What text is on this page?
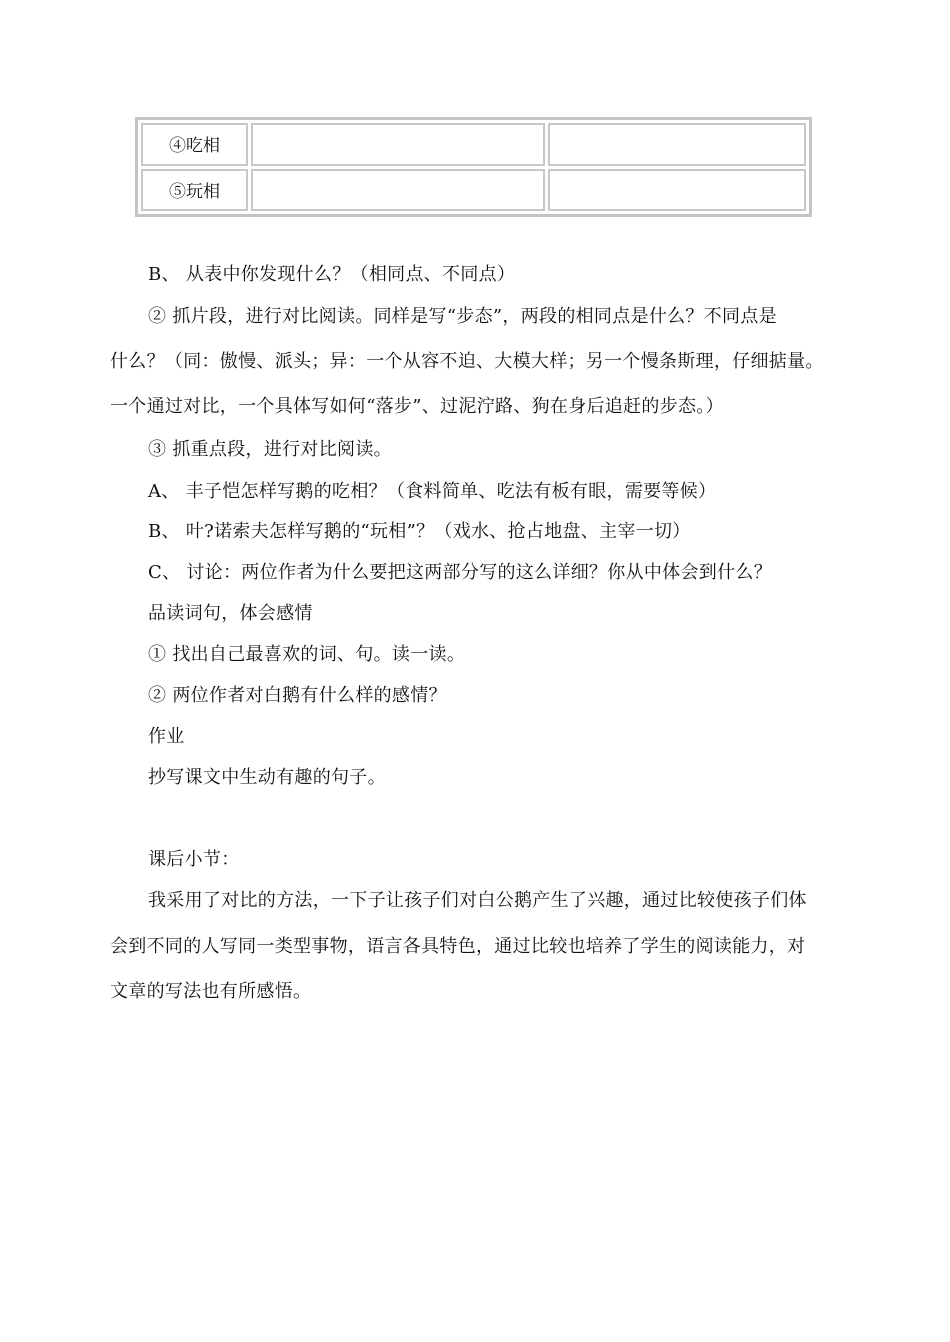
④吃相		
⑤玩相		
B、 从表中你发现什么？（相同点、不同点）
② 抓片段，进行对比阅读。同样是写“步态”，两段的相同点是什么？不同点是
什么？（同：傲慢、派头；异：一个从容不迫、大模大样；另一个慢条斯理，仔细掂量。
一个通过对比，一个具体写如何“落步”、过泥泞路、狗在身后追赶的步态。）
③ 抓重点段，进行对比阅读。
A、 丰子恺怎样写鹅的吃相？（食料简单、吃法有板有眼，需要等候）
B、 叶?诺索夫怎样写鹅的“玩相”？（戏水、抢占地盘、主宰一切）
C、 讨论：两位作者为什么要把这两部分写的这么详细？你从中体会到什么？
品读词句，体会感情
① 找出自己最喜欢的词、句。读一读。
② 两位作者对白鹅有什么样的感情？
作业
抄写课文中生动有趣的句子。
课后小节：
我采用了对比的方法，一下子让孩子们对白公鹅产生了兴趣，通过比较使孩子们体
会到不同的人写同一类型事物，语言各具特色，通过比较也培养了学生的阅读能力，对
文章的写法也有所感悟。
